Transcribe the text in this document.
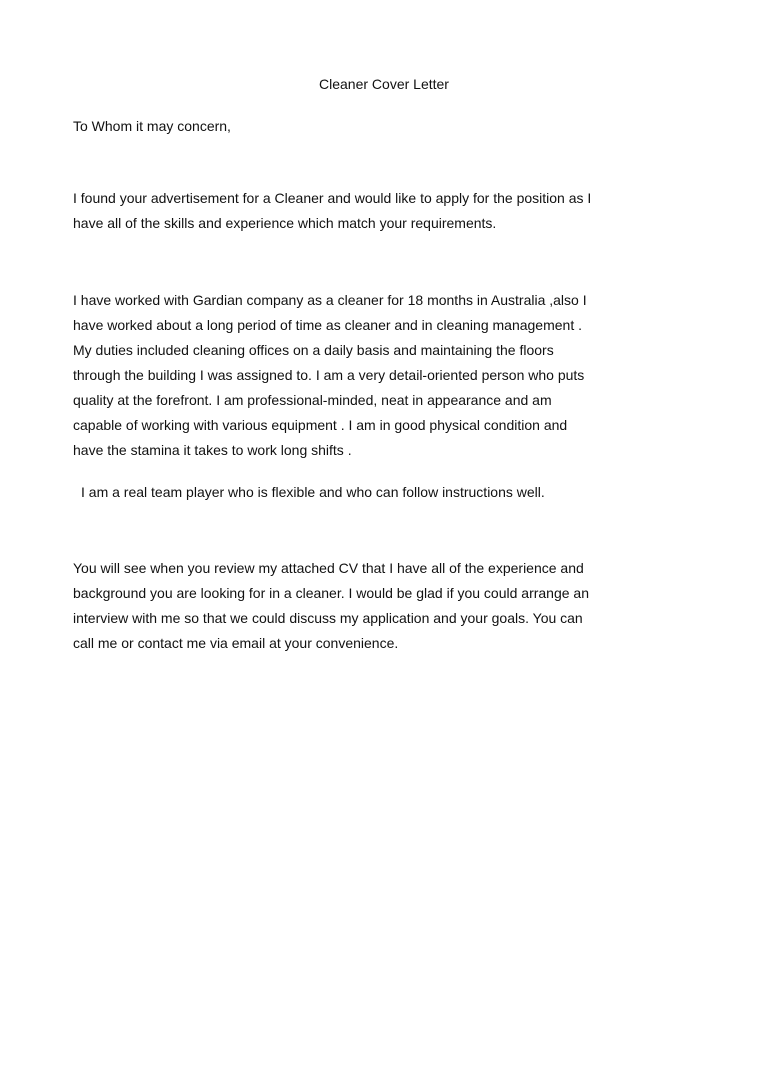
Cleaner Cover Letter

To Whom it may concern,

I found your advertisement for a Cleaner and would like to apply for the position as I
have all of the skills and experience which match your requirements.

I have worked with Gardian company as a cleaner for 18 months in Australia ,also I
have worked about a long period of time as cleaner and in cleaning management .
My duties included cleaning offices on a daily basis and maintaining the floors
through the building I was assigned to. I am a very detail-oriented person who puts
quality at the forefront. I am professional-minded, neat in appearance and am
capable of working with various equipment . I am in good physical condition and
have the stamina it takes to work long shifts .

I am a real team player who is flexible and who can follow instructions well.

You will see when you review my attached CV that I have all of the experience and
background you are looking for in a cleaner. I would be glad if you could arrange an
interview with me so that we could discuss my application and your goals. You can
call me or contact me via email at your convenience.
